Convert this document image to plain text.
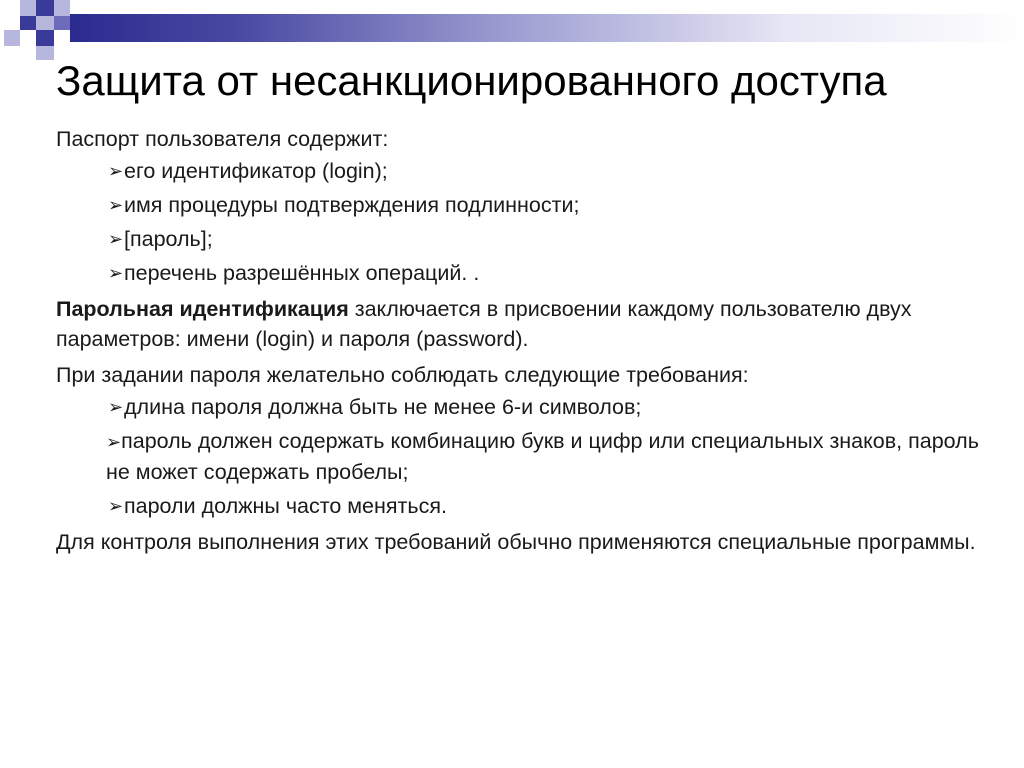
Защита от несанкционированного доступа

Паспорт пользователя содержит:

➢ его идентификатор (login);
➢ имя процедуры подтверждения подлинности;
➢ [пароль];
➢ перечень разрешённых операций. .

Парольная идентификация заключается в присвоении каждому пользователю двух параметров: имени (login) и пароля (password).

При задании пароля желательно соблюдать следующие требования:

➢ длина пароля должна быть не менее 6-и символов;
➢пароль должен содержать комбинацию букв и цифр или специальных знаков, пароль не может содержать пробелы;
➢ пароли должны часто меняться.

Для контроля выполнения этих требований обычно применяются специальные программы.
